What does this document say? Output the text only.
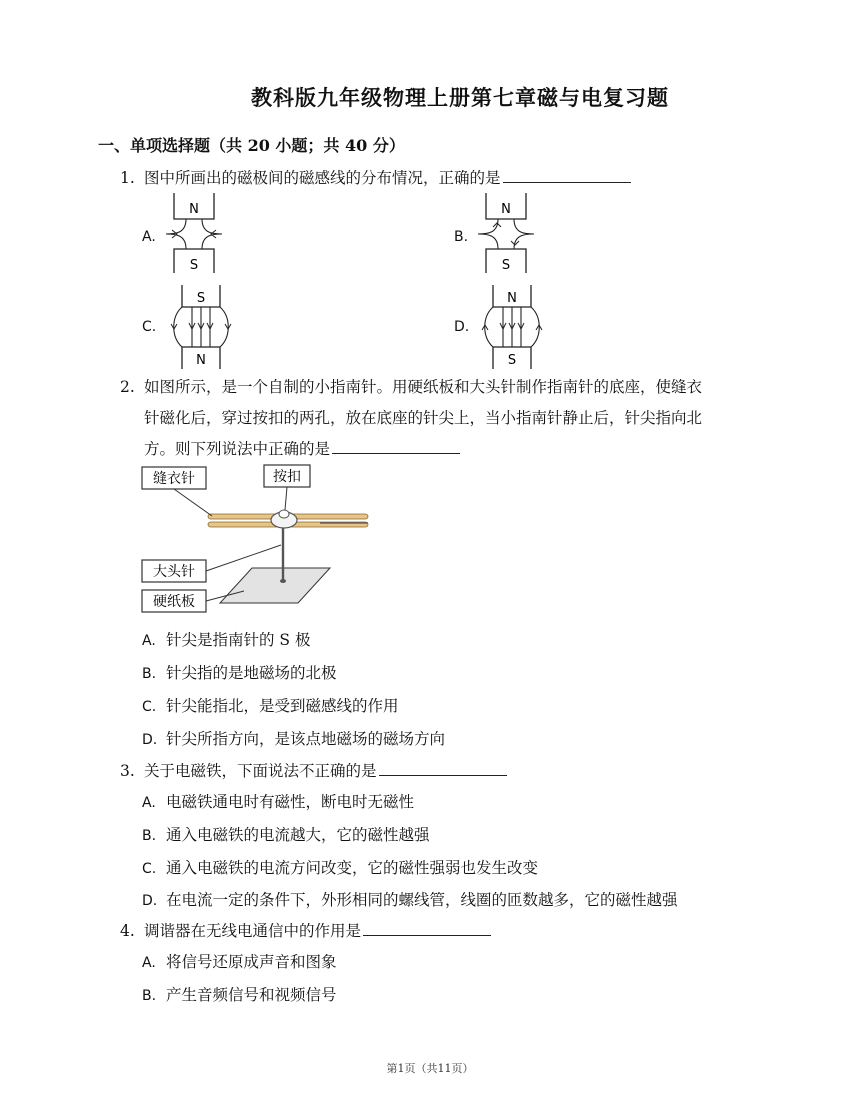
教科版九年级物理上册第七章磁与电复习题
一、单项选择题（共 20 小题；共 40 分）
1. 图中所画出的磁极间的磁感线的分布情况，正确的是
A.
N
S
B.
N
S
C.
S
N
D.
N
S
2. 如图所示，是一个自制的小指南针。用硬纸板和大头针制作指南针的底座，使缝衣
针磁化后，穿过按扣的两孔，放在底座的针尖上，当小指南针静止后，针尖指向北
方。则下列说法中正确的是
缝衣针	按扣
大头针
硬纸板
A. 针尖是指南针的 S 极
B. 针尖指的是地磁场的北极
C. 针尖能指北，是受到磁感线的作用
D. 针尖所指方向，是该点地磁场的磁场方向
3. 关于电磁铁，下面说法不正确的是
A. 电磁铁通电时有磁性，断电时无磁性
B. 通入电磁铁的电流越大，它的磁性越强
C. 通入电磁铁的电流方问改变，它的磁性强弱也发生改变
D. 在电流一定的条件下，外形相同的螺线管，线圈的匝数越多，它的磁性越强
4. 调谐器在无线电通信中的作用是
A. 将信号还原成声音和图象
B. 产生音频信号和视频信号
第1页（共11页）
